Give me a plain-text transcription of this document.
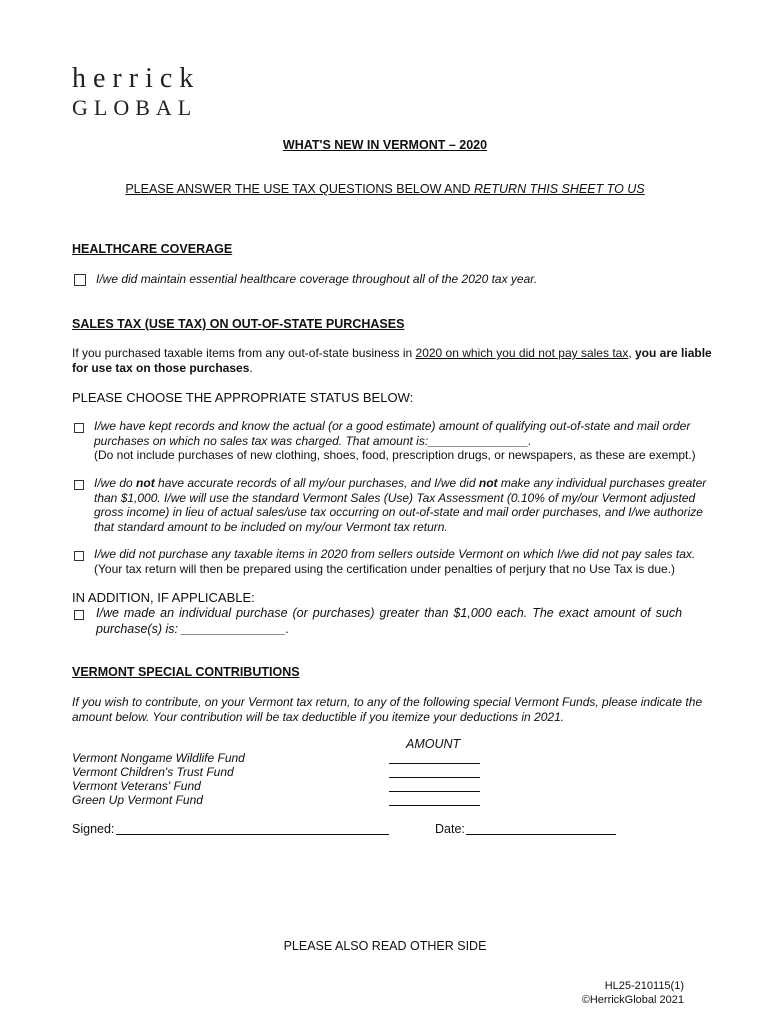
herrick
GLOBAL
WHAT'S NEW IN VERMONT – 2020
PLEASE ANSWER THE USE TAX QUESTIONS BELOW AND RETURN THIS SHEET TO US
HEALTHCARE COVERAGE
I/we did maintain essential healthcare coverage throughout all of the 2020 tax year.
SALES TAX (USE TAX) ON OUT-OF-STATE PURCHASES
If you purchased taxable items from any out-of-state business in 2020 on which you did not pay sales tax, you are liable
for use tax on those purchases.
PLEASE CHOOSE THE APPROPRIATE STATUS BELOW:
I/we have kept records and know the actual (or a good estimate) amount of qualifying out-of-state and mail order
purchases on which no sales tax was charged. That amount is:_______________.
(Do not include purchases of new clothing, shoes, food, prescription drugs, or newspapers, as these are exempt.)
I/we do not have accurate records of all my/our purchases, and I/we did not make any individual purchases greater
than $1,000. I/we will use the standard Vermont Sales (Use) Tax Assessment (0.10% of my/our Vermont adjusted
gross income) in lieu of actual sales/use tax occurring on out-of-state and mail order purchases, and I/we authorize
that standard amount to be included on my/our Vermont tax return.
I/we did not purchase any taxable items in 2020 from sellers outside Vermont on which I/we did not pay sales tax.
(Your tax return will then be prepared using the certification under penalties of perjury that no Use Tax is due.)
IN ADDITION, IF APPLICABLE:
I/we made an individual purchase (or purchases) greater than $1,000 each. The exact amount of such
purchase(s) is: _______________.
VERMONT SPECIAL CONTRIBUTIONS
If you wish to contribute, on your Vermont tax return, to any of the following special Vermont Funds, please indicate the
amount below. Your contribution will be tax deductible if you itemize your deductions in 2021.
AMOUNT
Vermont Nongame Wildlife Fund
Vermont Children's Trust Fund
Vermont Veterans' Fund
Green Up Vermont Fund
Signed:	Date:
PLEASE ALSO READ OTHER SIDE
HL25-210115(1)
©HerrickGlobal 2021
